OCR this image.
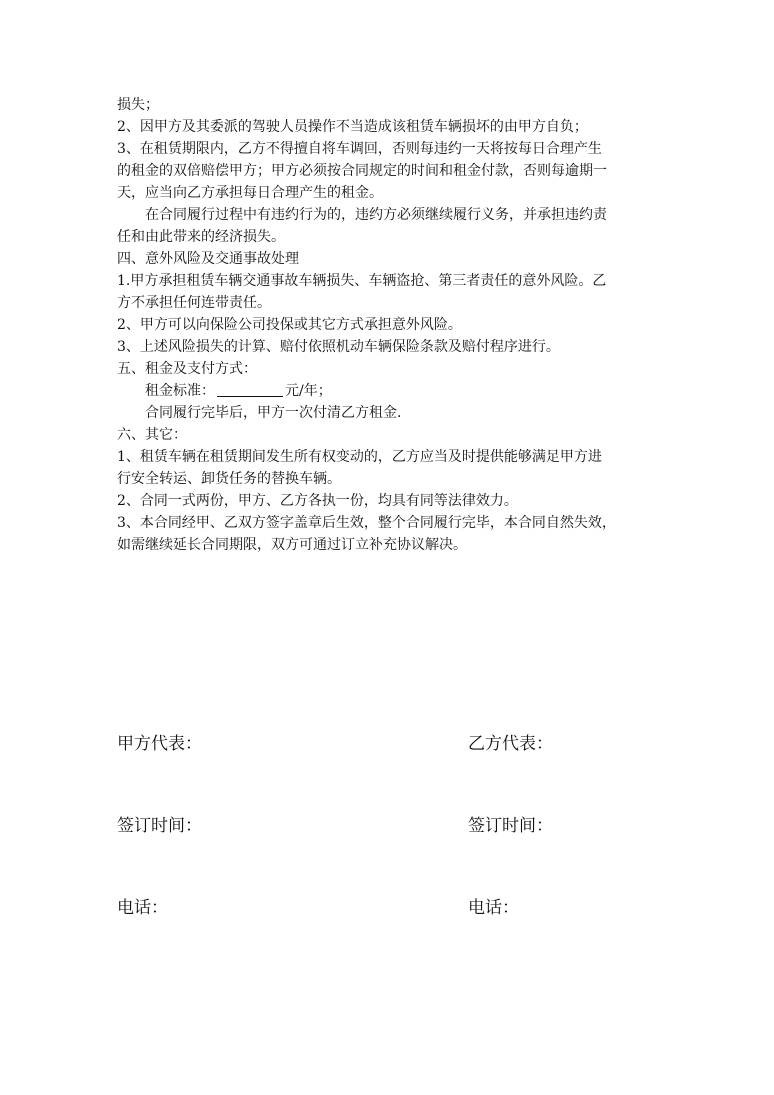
损失；
2、因甲方及其委派的驾驶人员操作不当造成该租赁车辆损坏的由甲方自负；
3、在租赁期限内，乙方不得擅自将车调回，否则每违约一天将按每日合理产生
的租金的双倍赔偿甲方；甲方必须按合同规定的时间和租金付款，否则每逾期一
天，应当向乙方承担每日合理产生的租金。
在合同履行过程中有违约行为的，违约方必须继续履行义务，并承担违约责
任和由此带来的经济损失。
四、意外风险及交通事故处理
1.甲方承担租赁车辆交通事故车辆损失、车辆盗抢、第三者责任的意外风险。乙
方不承担任何连带责任。
2、甲方可以向保险公司投保或其它方式承担意外风险。
3、上述风险损失的计算、赔付依照机动车辆保险条款及赔付程序进行。
五、租金及支付方式：
租金标准：	元/年；
合同履行完毕后，甲方一次付清乙方租金.
六、其它：
1、租赁车辆在租赁期间发生所有权变动的，乙方应当及时提供能够满足甲方进
行安全转运、卸货任务的替换车辆。
2、合同一式两份，甲方、乙方各执一份，均具有同等法律效力。
3、本合同经甲、乙双方签字盖章后生效，整个合同履行完毕，本合同自然失效，
如需继续延长合同期限，双方可通过订立补充协议解决。
甲方代表：	乙方代表：
签订时间：	签订时间：
电话：	电话：
